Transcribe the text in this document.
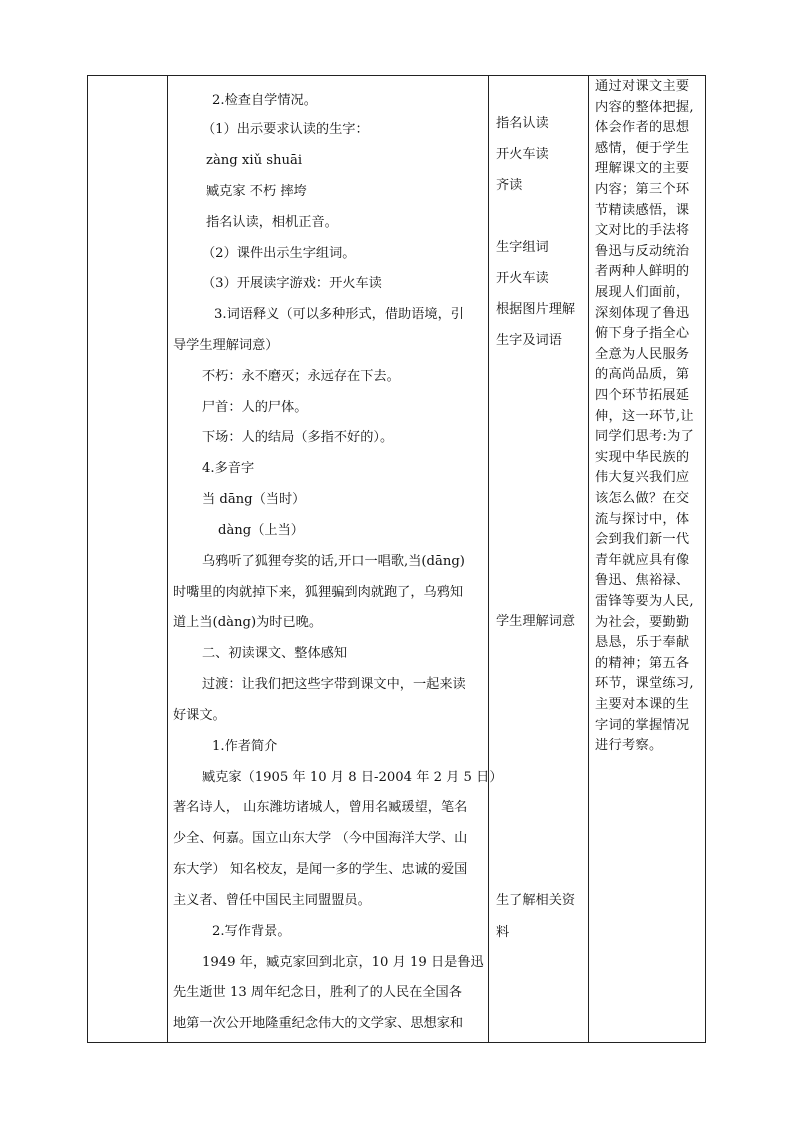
2.检查自学情况。
（1）出示要求认读的生字：
zàng xiǔ shuāi
臧克家 不朽 摔垮
指名认读，相机正音。
（2）课件出示生字组词。
（3）开展读字游戏：开火车读
3.词语释义（可以多种形式，借助语境，引
导学生理解词意）
不朽：永不磨灭；永远存在下去。
尸首：人的尸体。
下场：人的结局（多指不好的）。
4.多音字
当 dāng（当时）
dàng（上当）
乌鸦听了狐狸夸奖的话,开口一唱歌,当(dāng)
时嘴里的肉就掉下来，狐狸骗到肉就跑了，乌鸦知
道上当(dàng)为时已晚。
二、初读课文、整体感知
过渡：让我们把这些字带到课文中，一起来读
好课文。
1.作者简介
臧克家（1905 年 10 月 8 日-2004 年 2 月 5 日）
著名诗人， 山东潍坊诸城人，曾用名臧瑗望，笔名
少全、何嘉。国立山东大学 （今中国海洋大学、山
东大学） 知名校友，是闻一多的学生、忠诚的爱国
主义者、曾任中国民主同盟盟员。
2.写作背景。
1949 年，臧克家回到北京，10 月 19 日是鲁迅
先生逝世 13 周年纪念日，胜利了的人民在全国各
地第一次公开地隆重纪念伟大的文学家、思想家和
指名认读
开火车读
齐读
生字组词
开火车读
根据图片理解
生字及词语
学生理解词意
生了解相关资
料
通过对课文主要
内容的整体把握,
体会作者的思想
感情，便于学生
理解课文的主要
内容；第三个环
节精读感悟，课
文对比的手法将
鲁迅与反动统治
者两种人鲜明的
展现人们面前，
深刻体现了鲁迅
俯下身子指全心
全意为人民服务
的高尚品质，第
四个环节拓展延
伸，这一环节,让
同学们思考:为了
实现中华民族的
伟大复兴我们应
该怎么做？在交
流与探讨中，体
会到我们新一代
青年就应具有像
鲁迅、焦裕禄、
雷锋等要为人民,
为社会，要勤勤
恳恳，乐于奉献
的精神；第五各
环节，课堂练习,
主要对本课的生
字词的掌握情况
进行考察。
